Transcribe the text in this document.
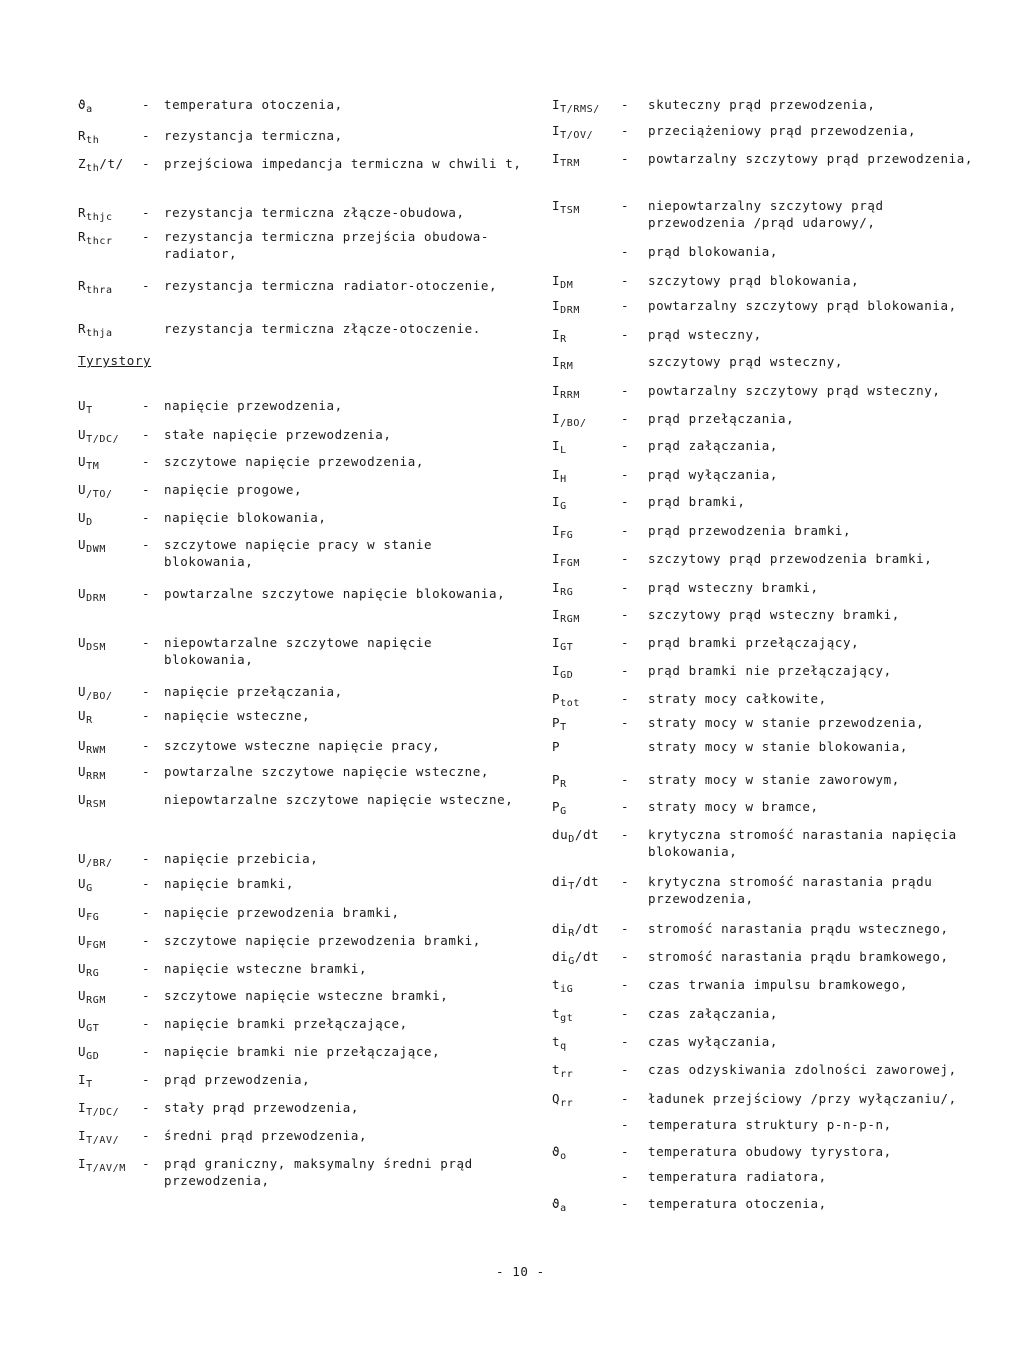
$ϑ_a$	- temperatura otoczenia,
$R_{th}$	- rezystancja termiczna,
$Z_{th}/t/$ - przejściowa impedancja termiczna w chwili t,
$R_{thjc}$ - rezystancja termiczna złącze-obudowa,
$R_{thcr}$ - rezystancja termiczna przejścia obudowa-radiator,
$R_{thra}$ - rezystancja termiczna radiator-otoczenie,
$R_{thja}$	rezystancja termiczna złącze-otoczenie.
$U_T$	- napięcie przewodzenia,
$U_{T/DC/}$ - stałe napięcie przewodzenia,
$U_{TM}$	- szczytowe napięcie przewodzenia,
$U_{/TO/}$ - napięcie progowe,
$U_D$	- napięcie blokowania,
$U_{DWM}$	- szczytowe napięcie pracy w stanie blokowania,
$U_{DRM}$	- powtarzalne szczytowe napięcie blokowania,
$U_{DSM}$	- niepowtarzalne szczytowe napięcie blokowania,
$U_{/BO/}$ - napięcie przełączania,
$U_R$	- napięcie wsteczne,
$U_{RWM}$	- szczytowe wsteczne napięcie pracy,
$U_{RRM}$	- powtarzalne szczytowe napięcie wsteczne,
$U_{RSM}$	niepowtarzalne szczytowe napięcie wsteczne,
$U_{/BR/}$ - napięcie przebicia,
$U_G$	- napięcie bramki,
$U_{FG}$	- napięcie przewodzenia bramki,
$U_{FGM}$	- szczytowe napięcie przewodzenia bramki,
$U_{RG}$	- napięcie wsteczne bramki,
$U_{RGM}$	- szczytowe napięcie wsteczne bramki,
$U_{GT}$	- napięcie bramki przełączające,
$U_{GD}$	- napięcie bramki nie przełączające,
$I_T$	- prąd przewodzenia,
$I_{T/DC/}$ - stały prąd przewodzenia,
$I_{T/AV/}$ - średni prąd przewodzenia,
$I_{T/AV/M}$ - prąd graniczny, maksymalny średni prąd przewodzenia,
$I_{T/RMS/}$ - skuteczny prąd przewodzenia,
$I_{T/OV/}$ - przeciążeniowy prąd przewodzenia,
$I_{TRM}$	- powtarzalny szczytowy prąd przewodzenia,
$I_{TSM}$	- niepowtarzalny szczytowy prąd przewodzenia /prąd udarowy/,
- prąd blokowania,
$I_{DM}$	- szczytowy prąd blokowania,
$I_{DRM}$	- powtarzalny szczytowy prąd blokowania,
$I_R$	- prąd wsteczny,
$I_{RM}$	szczytowy prąd wsteczny,
$I_{RRM}$	- powtarzalny szczytowy prąd wsteczny,
$I_{/BO/}$	- prąd przełączania,
$I_L$	- prąd załączania,
$I_H$	- prąd wyłączania,
$I_G$	- prąd bramki,
$I_{FG}$	- prąd przewodzenia bramki,
$I_{FGM}$	- szczytowy prąd przewodzenia bramki,
$I_{RG}$	- prąd wsteczny bramki,
$I_{RGM}$	- szczytowy prąd wsteczny bramki,
$I_{GT}$	- prąd bramki przełączający,
$I_{GD}$	- prąd bramki nie przełączający,
$P_{tot}$	- straty mocy całkowite,
$P_T$	- straty mocy w stanie przewodzenia,
P	straty mocy w stanie blokowania,
$P_R$	- straty mocy w stanie zaworowym,
$P_G$	- straty mocy w bramce,
$du_D/dt$ - krytyczna stromość narastania napięcia blokowania,
$di_T/dt$ - krytyczna stromość narastania prądu przewodzenia,
$di_R/dt$ - stromość narastania prądu wstecznego,
$di_G/dt$ - stromość narastania prądu bramkowego,
$t_{iG}$	- czas trwania impulsu bramkowego,
$t_{gt}$	- czas załączania,
$t_q$	- czas wyłączania,
$t_{rr}$	- czas odzyskiwania zdolności zaworowej,
$Q_{rr}$	- ładunek przejściowy /przy wyłączaniu/,
- temperatura struktury p-n-p-n,
$ϑ_o$	- temperatura obudowy tyrystora,
- temperatura radiatora,
$ϑ_a$	- temperatura otoczenia,
Tyrystory
- 10 -
